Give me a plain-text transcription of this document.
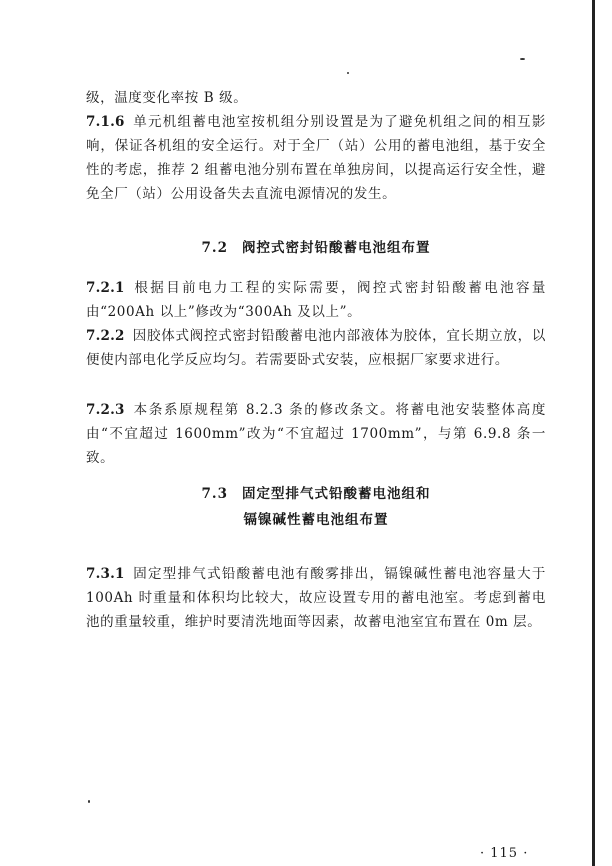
级，温度变化率按 B 级。

7.1.6 单元机组蓄电池室按机组分别设置是为了避免机组之间的相互影响，保证各机组的安全运行。对于全厂（站）公用的蓄电池组，基于安全性的考虑，推荐 2 组蓄电池分别布置在单独房间，以提高运行安全性，避免全厂（站）公用设备失去直流电源情况的发生。

7.2 阀控式密封铅酸蓄电池组布置

7.2.1 根据目前电力工程的实际需要，阀控式密封铅酸蓄电池容量由“200Ah 以上”修改为“300Ah 及以上”。

7.2.2 因胶体式阀控式密封铅酸蓄电池内部液体为胶体，宜长期立放，以便使内部电化学反应均匀。若需要卧式安装，应根据厂家要求进行。

7.2.3 本条系原规程第 8.2.3 条的修改条文。将蓄电池安装整体高度由“不宜超过 1600mm”改为“不宜超过 1700mm”，与第 6.9.8 条一致。

7.3 固定型排气式铅酸蓄电池组和
镉镍碱性蓄电池组布置

7.3.1 固定型排气式铅酸蓄电池有酸雾排出，镉镍碱性蓄电池容量大于 100Ah 时重量和体积均比较大，故应设置专用的蓄电池室。考虑到蓄电池的重量较重，维护时要清洗地面等因素，故蓄电池室宜布置在 0m 层。

· 115 ·
